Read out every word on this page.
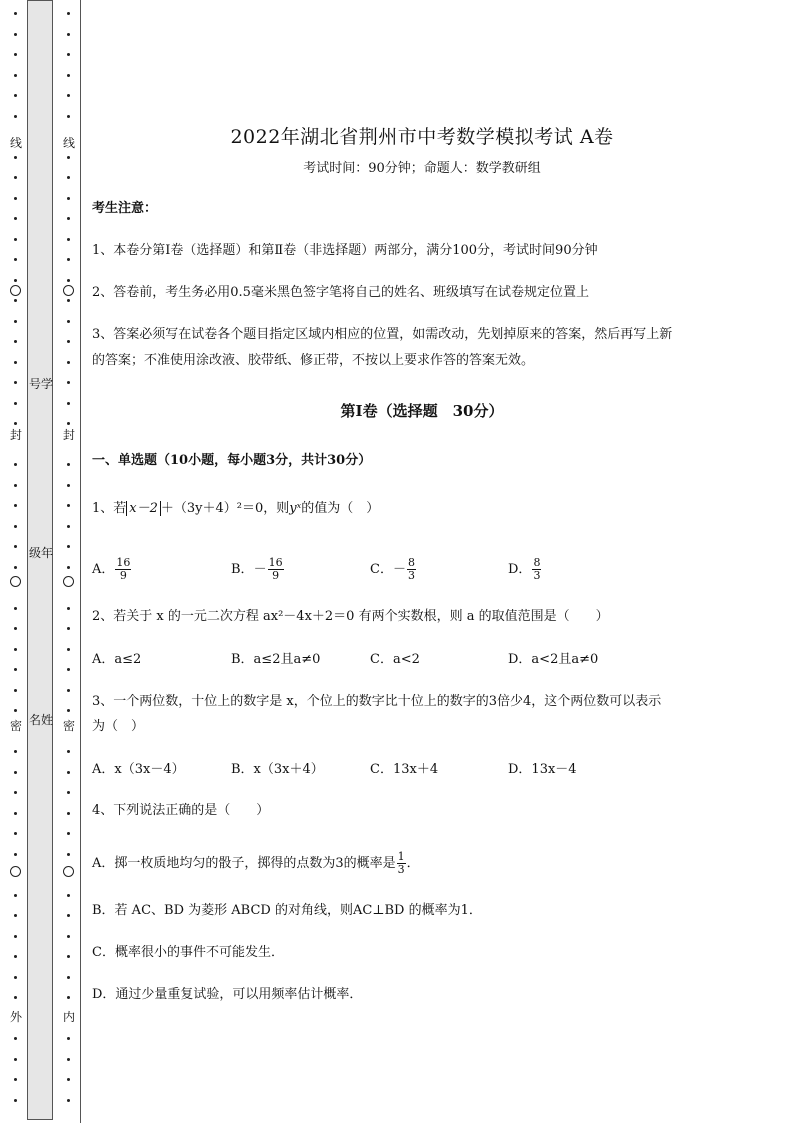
线
封
密
外
号学
级年
名姓
线
封
密
内
2022年湖北省荆州市中考数学模拟考试 A卷
考试时间：90分钟；命题人：数学教研组
考生注意：
1、本卷分第Ⅰ卷（选择题）和第Ⅱ卷（非选择题）两部分，满分100分，考试时间90分钟
2、答卷前，考生务必用0.5毫米黑色签字笔将自己的姓名、班级填写在试卷规定位置上
3、答案必须写在试卷各个题目指定区域内相应的位置，如需改动，先划掉原来的答案，然后再写上新
的答案；不准使用涂改液、胶带纸、修正带，不按以上要求作答的答案无效。
第Ⅰ卷（选择题　30分）
一、单选题（10小题，每小题3分，共计30分）
1、若 x－2 ＋（3y＋4）²＝0，则yˣ的值为（　）
A． $\frac{16}{9}$	B．－ $\frac{16}{9}$	C．－ $\frac{8}{3}$	D． $\frac{8}{3}$
2、若关于 x 的一元二次方程 ax²－4x＋2＝0 有两个实数根，则 a 的取值范围是（　　）
A．a≤2	B．a≤2且a≠0	C．a<2	D．a<2且a≠0
3、一个两位数，十位上的数字是 x，个位上的数字比十位上的数字的3倍少4，这个两位数可以表示
为（　）
A．x（3x－4）	B．x（3x＋4）	C．13x＋4	D．13x－4
4、下列说法正确的是（　　）
A．掷一枚质地均匀的骰子，掷得的点数为3的概率是 $\frac{1}{3}$ ．
B．若 AC、BD 为菱形 ABCD 的对角线，则AC⊥BD 的概率为1．
C．概率很小的事件不可能发生．
D．通过少量重复试验，可以用频率估计概率．
